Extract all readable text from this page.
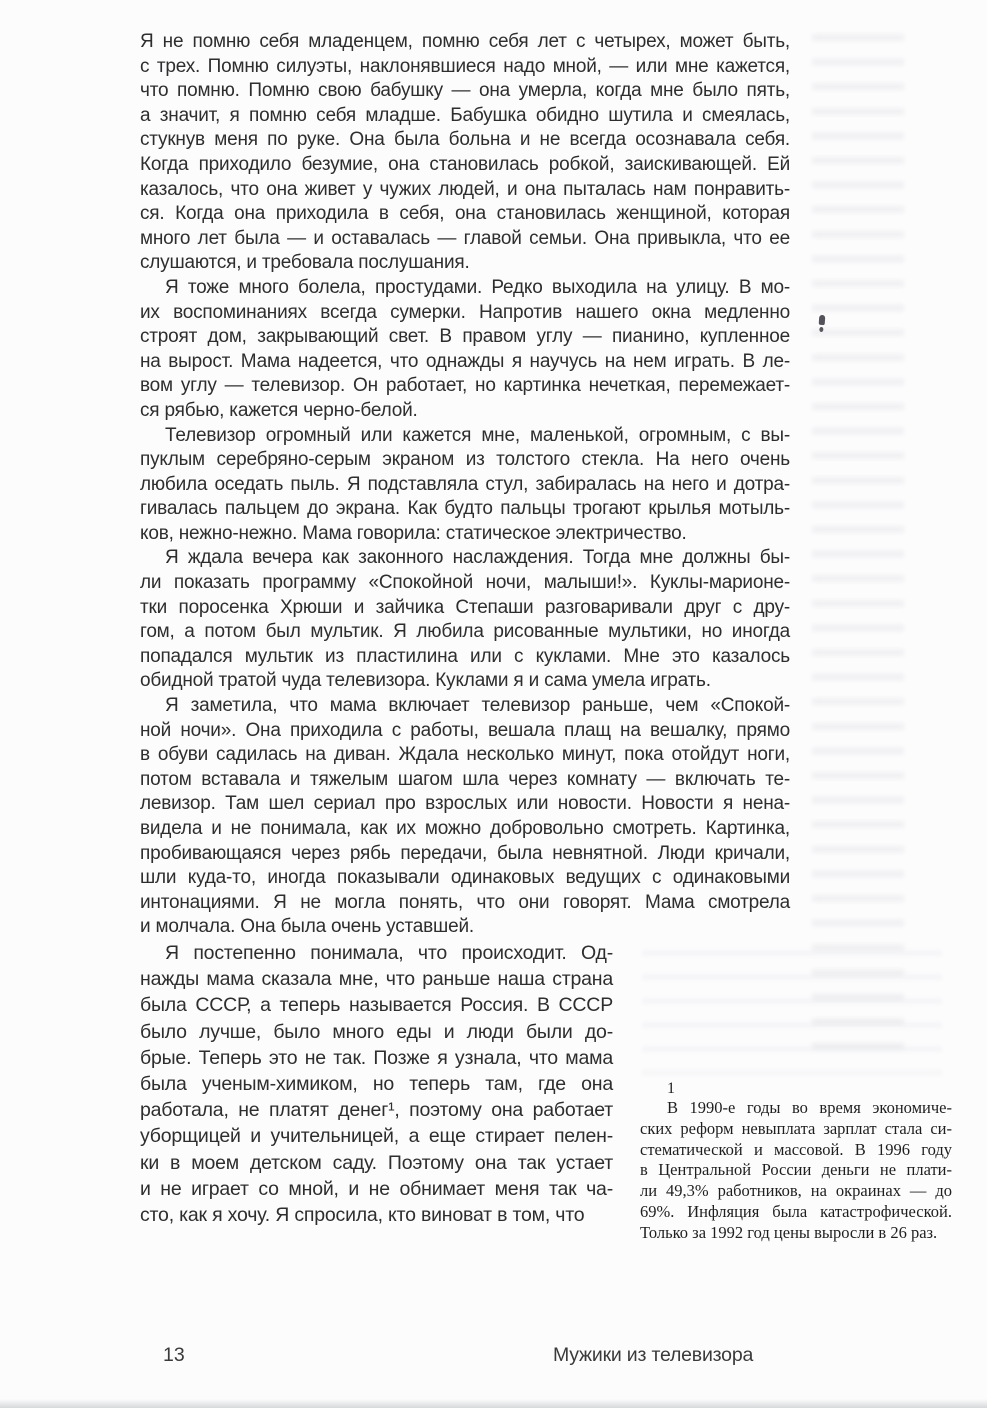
Я не помню себя младенцем, помню себя лет с четырех, может быть,
с трех. Помню силуэты, наклонявшиеся надо мной, — или мне кажется,
что помню. Помню свою бабушку — она умерла, когда мне было пять,
а значит, я помню себя младше. Бабушка обидно шутила и смеялась,
стукнув меня по руке. Она была больна и не всегда осознавала себя.
Когда приходило безумие, она становилась робкой, заискивающей. Ей
казалось, что она живет у чужих людей, и она пыталась нам понравить-
ся. Когда она приходила в себя, она становилась женщиной, которая
много лет была — и оставалась — главой семьи. Она привыкла, что ее
слушаются, и требовала послушания.
Я тоже много болела, простудами. Редко выходила на улицу. В мо-
их воспоминаниях всегда сумерки. Напротив нашего окна медленно
строят дом, закрывающий свет. В правом углу — пианино, купленное
на вырост. Мама надеется, что однажды я научусь на нем играть. В ле-
вом углу — телевизор. Он работает, но картинка нечеткая, перемежает-
ся рябью, кажется черно-белой.
Телевизор огромный или кажется мне, маленькой, огромным, с вы-
пуклым серебряно-серым экраном из толстого стекла. На него очень
любила оседать пыль. Я подставляла стул, забиралась на него и дотра-
гивалась пальцем до экрана. Как будто пальцы трогают крылья мотыль-
ков, нежно-нежно. Мама говорила: статическое электричество.
Я ждала вечера как законного наслаждения. Тогда мне должны бы-
ли показать программу «Спокойной ночи, малыши!». Куклы-марионе-
тки поросенка Хрюши и зайчика Степаши разговаривали друг с дру-
гом, а потом был мультик. Я любила рисованные мультики, но иногда
попадался мультик из пластилина или с куклами. Мне это казалось
обидной тратой чуда телевизора. Куклами я и сама умела играть.
Я заметила, что мама включает телевизор раньше, чем «Спокой-
ной ночи». Она приходила с работы, вешала плащ на вешалку, прямо
в обуви садилась на диван. Ждала несколько минут, пока отойдут ноги,
потом вставала и тяжелым шагом шла через комнату — включать те-
левизор. Там шел сериал про взрослых или новости. Новости я нена-
видела и не понимала, как их можно добровольно смотреть. Картинка,
пробивающаяся через рябь передачи, была невнятной. Люди кричали,
шли куда-то, иногда показывали одинаковых ведущих с одинаковыми
интонациями. Я не могла понять, что они говорят. Мама смотрела
и молчала. Она была очень уставшей.
Я постепенно понимала, что происходит. Од-
нажды мама сказала мне, что раньше наша страна
была СССР, а теперь называется Россия. В СССР
было лучше, было много еды и люди были до-
брые. Теперь это не так. Позже я узнала, что мама
была ученым-химиком, но теперь там, где она
работала, не платят денег¹, поэтому она работает
уборщицей и учительницей, а еще стирает пелен-
ки в моем детском саду. Поэтому она так устает
и не играет со мной, и не обнимает меня так ча-
сто, как я хочу. Я спросила, кто виноват в том, что
1
В 1990-е годы во время экономиче-
ских реформ невыплата зарплат стала си-
стематической и массовой. В 1996 году
в Центральной России деньги не плати-
ли 49,3% работников, на окраинах — до
69%. Инфляция была катастрофической.
Только за 1992 год цены выросли в 26 раз.
13	Мужики из телевизора
